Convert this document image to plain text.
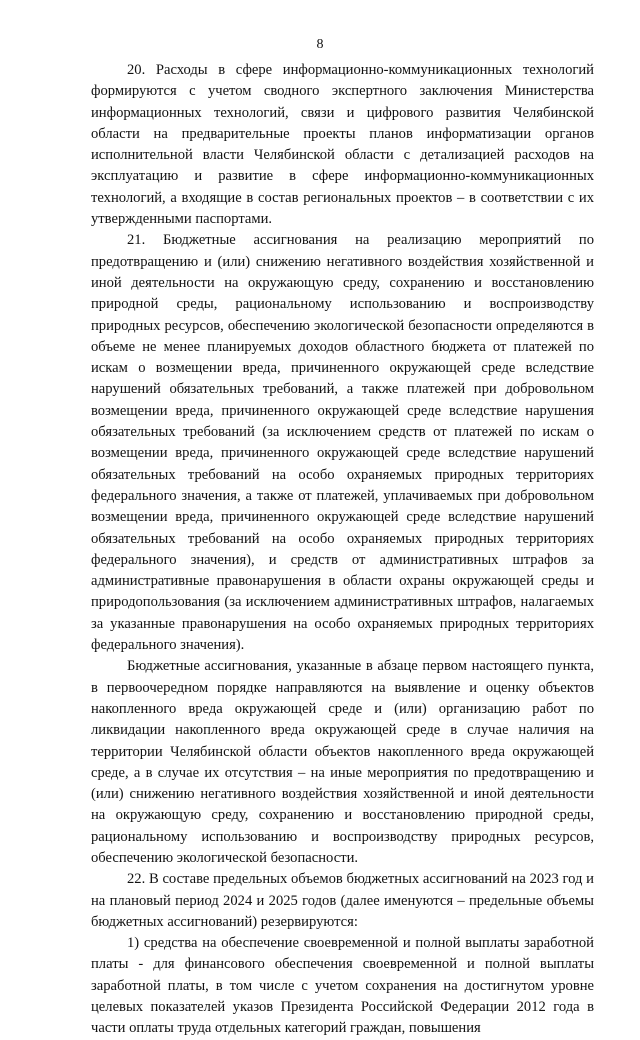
8

20. Расходы в сфере информационно-коммуникационных технологий формируются с учетом сводного экспертного заключения Министерства информационных технологий, связи и цифрового развития Челябинской области на предварительные проекты планов информатизации органов исполнительной власти Челябинской области с детализацией расходов на эксплуатацию и развитие в сфере информационно-коммуникационных технологий, а входящие в состав региональных проектов – в соответствии с их утвержденными паспортами.

21. Бюджетные ассигнования на реализацию мероприятий по предотвращению и (или) снижению негативного воздействия хозяйственной и иной деятельности на окружающую среду, сохранению и восстановлению природной среды, рациональному использованию и воспроизводству природных ресурсов, обеспечению экологической безопасности определяются в объеме не менее планируемых доходов областного бюджета от платежей по искам о возмещении вреда, причиненного окружающей среде вследствие нарушений обязательных требований, а также платежей при добровольном возмещении вреда, причиненного окружающей среде вследствие нарушения обязательных требований (за исключением средств от платежей по искам о возмещении вреда, причиненного окружающей среде вследствие нарушений обязательных требований на особо охраняемых природных территориях федерального значения, а также от платежей, уплачиваемых при добровольном возмещении вреда, причиненного окружающей среде вследствие нарушений обязательных требований на особо охраняемых природных территориях федерального значения), и средств от административных штрафов за административные правонарушения в области охраны окружающей среды и природопользования (за исключением административных штрафов, налагаемых за указанные правонарушения на особо охраняемых природных территориях федерального значения).

Бюджетные ассигнования, указанные в абзаце первом настоящего пункта, в первоочередном порядке направляются на выявление и оценку объектов накопленного вреда окружающей среде и (или) организацию работ по ликвидации накопленного вреда окружающей среде в случае наличия на территории Челябинской области объектов накопленного вреда окружающей среде, а в случае их отсутствия – на иные мероприятия по предотвращению и (или) снижению негативного воздействия хозяйственной и иной деятельности на окружающую среду, сохранению и восстановлению природной среды, рациональному использованию и воспроизводству природных ресурсов, обеспечению экологической безопасности.

22. В составе предельных объемов бюджетных ассигнований на 2023 год и на плановый период 2024 и 2025 годов (далее именуются – предельные объемы бюджетных ассигнований) резервируются:

1) средства на обеспечение своевременной и полной выплаты заработной платы - для финансового обеспечения своевременной и полной выплаты заработной платы, в том числе с учетом сохранения на достигнутом уровне целевых показателей указов Президента Российской Федерации 2012 года в части оплаты труда отдельных категорий граждан, повышения
